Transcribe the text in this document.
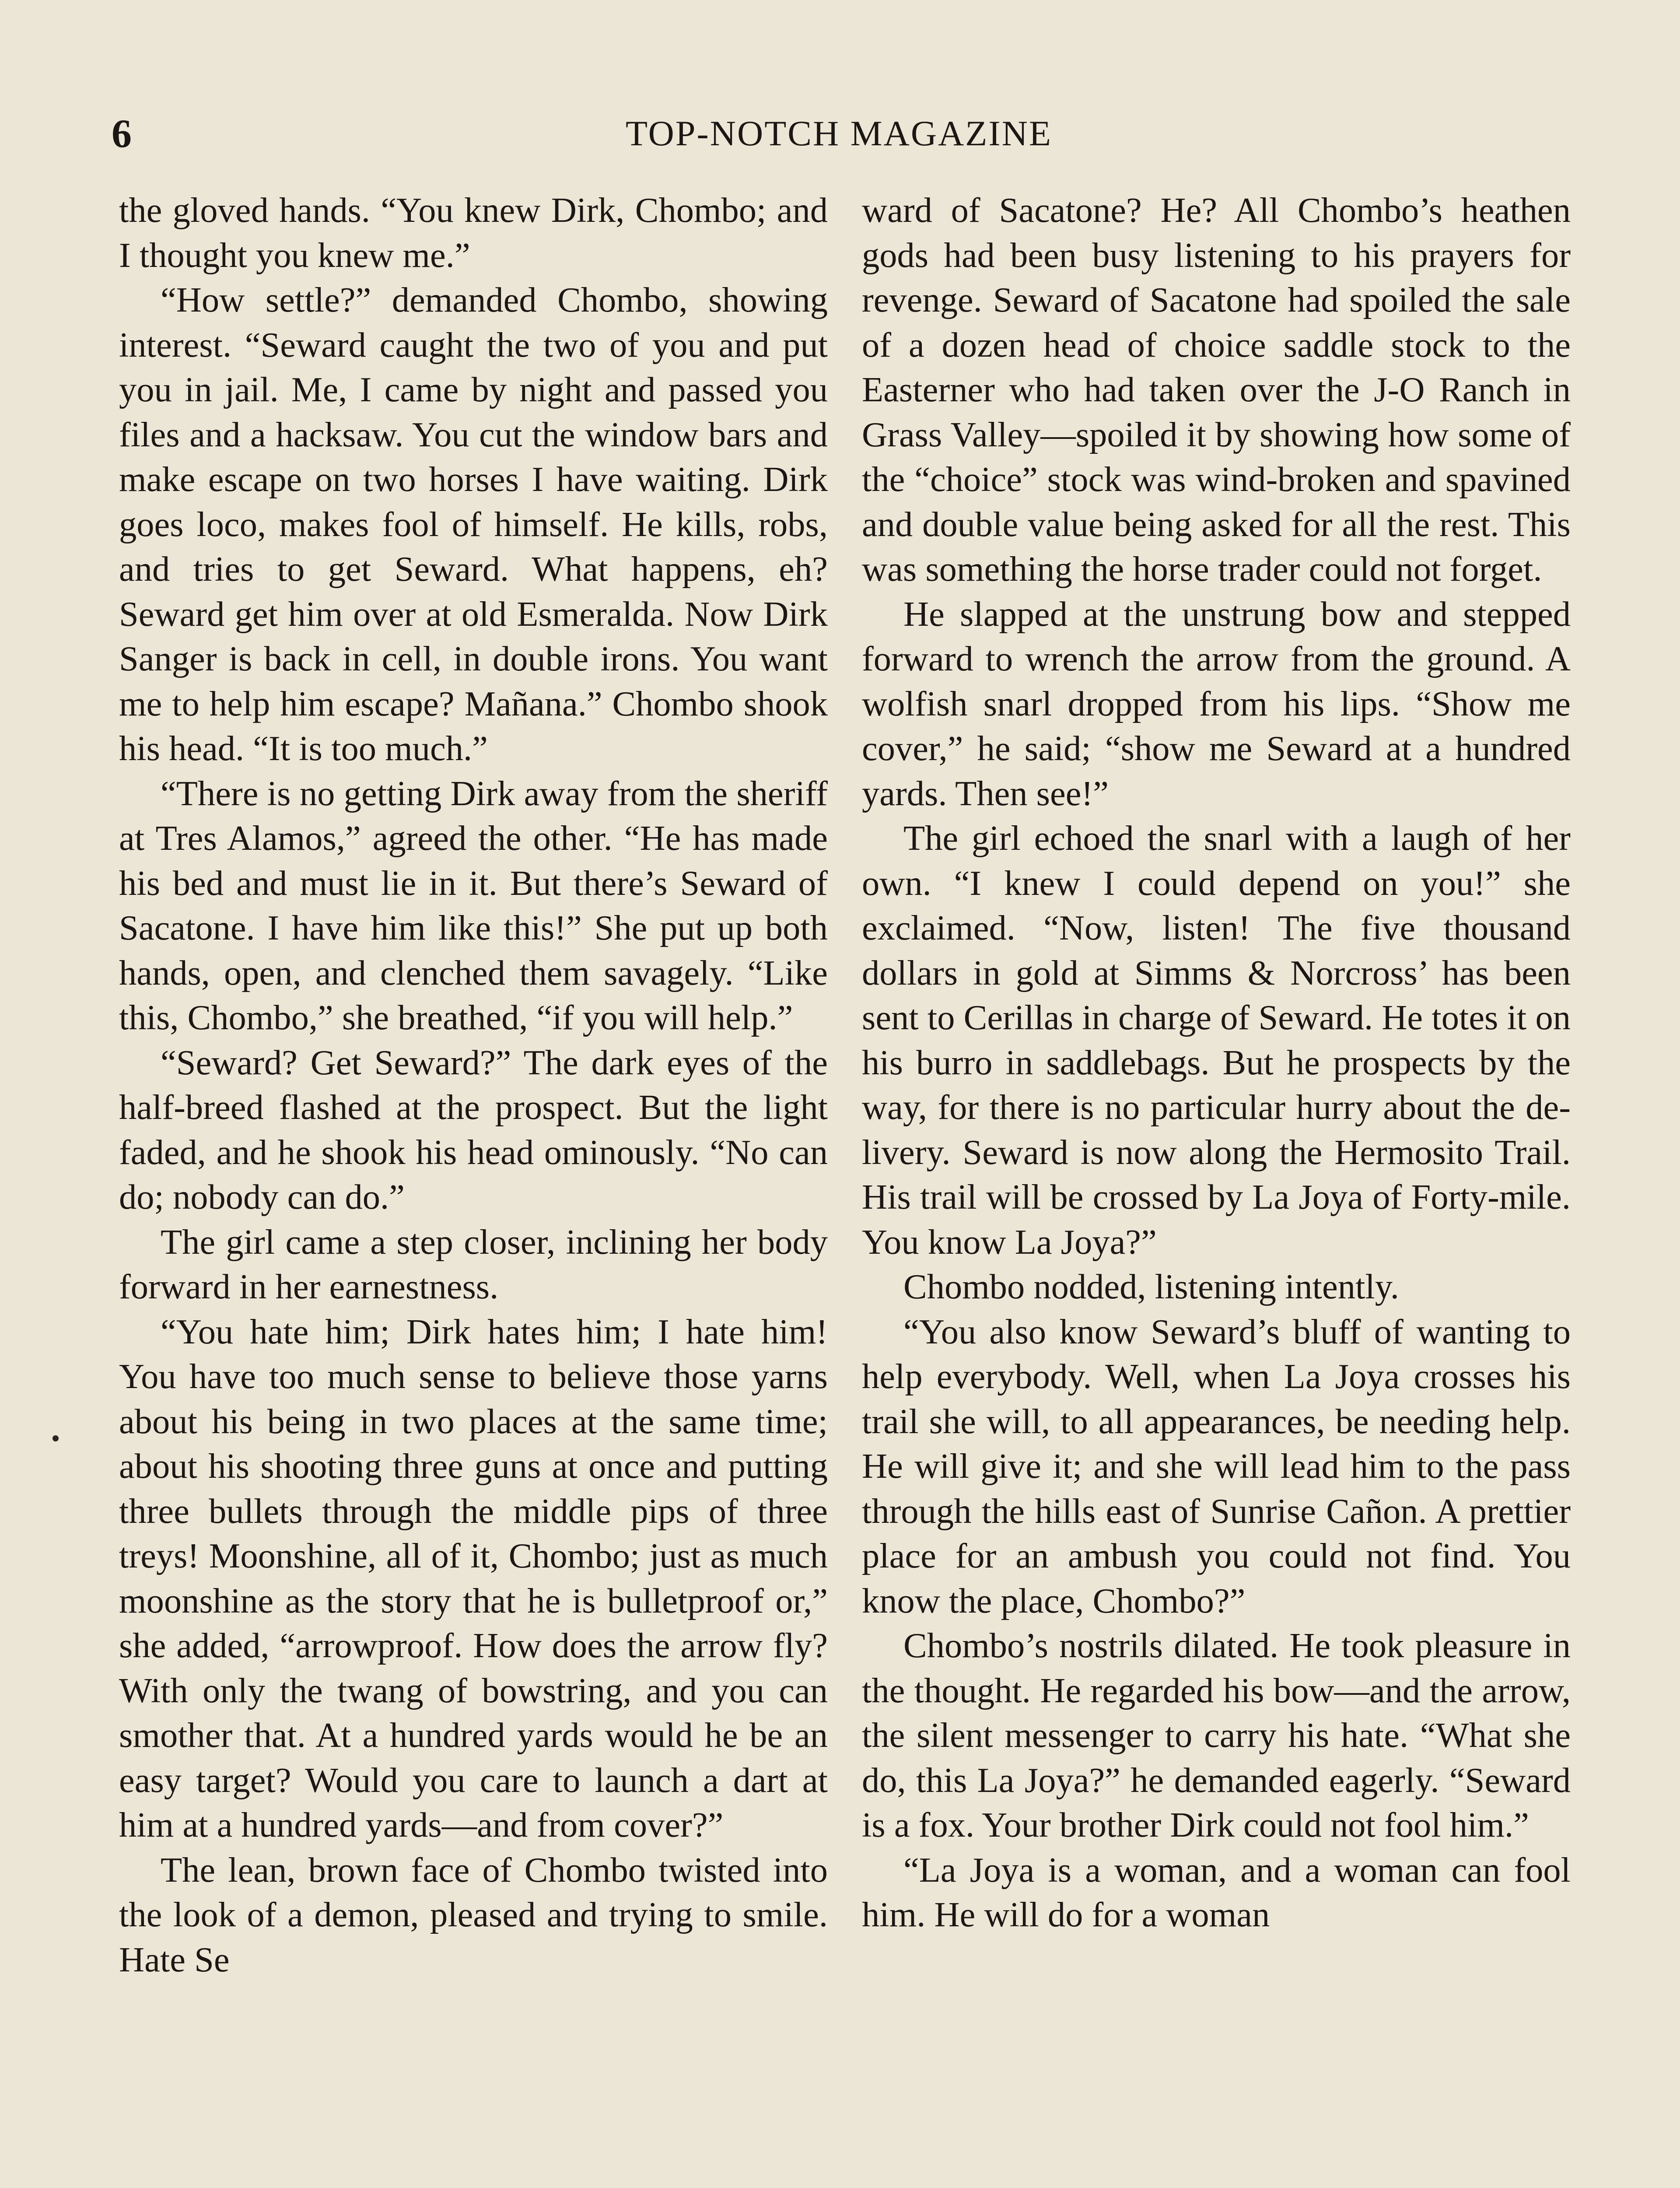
6	TOP-NOTCH MAGAZINE

the gloved hands. “You knew Dirk, Chombo; and I thought you knew me.”

“How settle?” demanded Chombo, showing interest. “Seward caught the two of you and put you in jail. Me, I came by night and passed you files and a hacksaw. You cut the window bars and make escape on two horses I have waiting. Dirk goes loco, makes fool of himself. He kills, robs, and tries to get Seward. What happens, eh? Seward get him over at old Esmeralda. Now Dirk Sanger is back in cell, in double irons. You want me to help him escape? Mañana.” Chombo shook his head. “It is too much.”

“There is no getting Dirk away from the sheriff at Tres Alamos,” agreed the other. “He has made his bed and must lie in it. But there’s Seward of Sacatone. I have him like this!” She put up both hands, open, and clenched them savagely. “Like this, Chombo,” she breathed, “if you will help.”

“Seward? Get Seward?” The dark eyes of the half-breed flashed at the prospect. But the light faded, and he shook his head ominously. “No can do; nobody can do.”

The girl came a step closer, inclining her body forward in her earnestness.

“You hate him; Dirk hates him; I hate him! You have too much sense to believe those yarns about his being in two places at the same time; about his shooting three guns at once and putting three bullets through the middle pips of three treys! Moonshine, all of it, Chombo; just as much moonshine as the story that he is bulletproof or,” she added, “arrowproof. How does the arrow fly? With only the twang of bowstring, and you can smother that. At a hundred yards would he be an easy target? Would you care to launch a dart at him at a hundred yards—and from cover?”

The lean, brown face of Chombo twisted into the look of a demon, pleased and trying to smile. Hate Se

ward of Sacatone? He? All Chombo’s heathen gods had been busy listening to his prayers for revenge. Seward of Sacatone had spoiled the sale of a dozen head of choice saddle stock to the Easterner who had taken over the J-O Ranch in Grass Valley—spoiled it by showing how some of the “choice” stock was wind-broken and spavined and double value being asked for all the rest. This was something the horse trader could not forget.

He slapped at the unstrung bow and stepped forward to wrench the arrow from the ground. A wolfish snarl dropped from his lips. “Show me cover,” he said; “show me Seward at a hundred yards. Then see!”

The girl echoed the snarl with a laugh of her own. “I knew I could depend on you!” she exclaimed. “Now, listen! The five thousand dollars in gold at Simms & Norcross’ has been sent to Cerillas in charge of Seward. He totes it on his burro in saddlebags. But he prospects by the way, for there is no particular hurry about the delivery. Seward is now along the Hermosito Trail. His trail will be crossed by La Joya of Forty-mile. You know La Joya?”

Chombo nodded, listening intently.

“You also know Seward’s bluff of wanting to help everybody. Well, when La Joya crosses his trail she will, to all appearances, be needing help. He will give it; and she will lead him to the pass through the hills east of Sunrise Cañon. A prettier place for an ambush you could not find. You know the place, Chombo?”

Chombo’s nostrils dilated. He took pleasure in the thought. He regarded his bow—and the arrow, the silent messenger to carry his hate. “What she do, this La Joya?” he demanded eagerly. “Seward is a fox. Your brother Dirk could not fool him.”

“La Joya is a woman, and a woman can fool him. He will do for a woman
